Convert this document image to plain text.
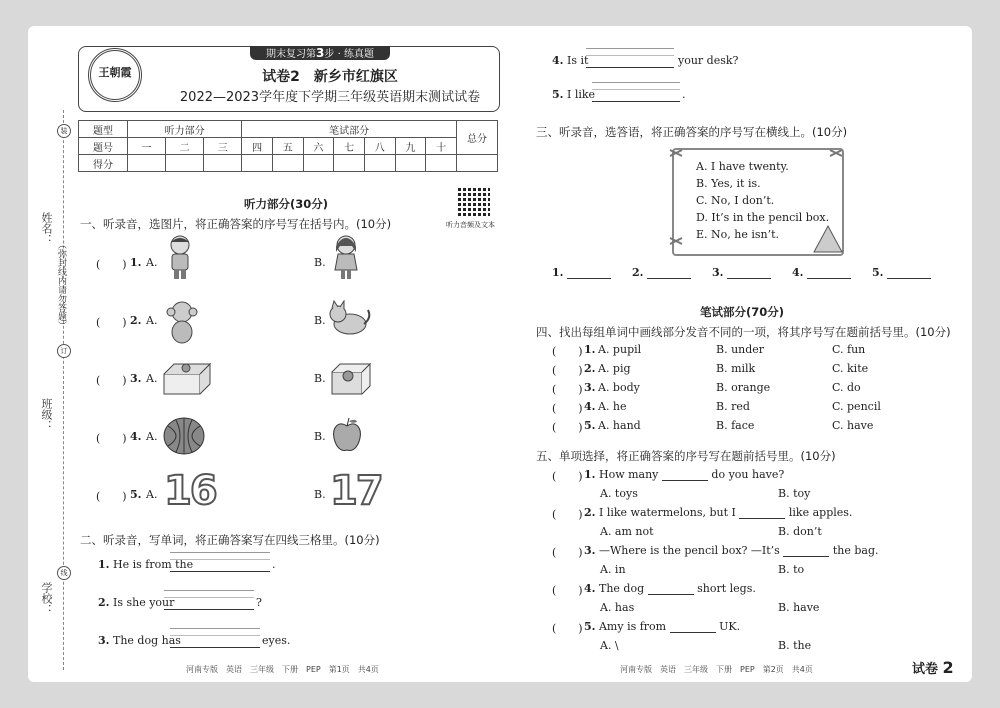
姓名：
班级：
学校：
（弥封线内请勿答题）
装
订
线
期末复习第3步 · 练真题
王朝霞	试卷2　新乡市红旗区
2022—2023学年度下学期三年级英语期末测试试卷
题型	听力部分			笔试部分							总分
题号	一	二	三	四	五	六	七	八	九	十	
得分											
听力音频及文本
听力部分(30分)
一、听录音，选图片，将正确答案的序号写在括号内。(10分)
(　　) 1. A.	B.
(　　) 2. A.	B.
(　　) 3. A.	B.
(　　) 4. A.	B.
(　　) 5. A.	B.
16	17
二、听录音，写单词，将正确答案写在四线三格里。(10分)
1. He is from the	.
2. Is she your	?
3. The dog has	eyes.
河南专版　英语　三年级　下册　PEP　第1页　共4页
4. Is it	your desk?
5. I like	.
三、听录音，选答语，将正确答案的序号写在横线上。(10分)
A. I have twenty.
B. Yes, it is.
C. No, I don’t.
D. It’s in the pencil box.
E. No, he isn’t.
1.	2.	3.	4.	5.
笔试部分(70分)
四、找出每组单词中画线部分发音不同的一项，将其序号写在题前括号里。(10分)
(　　) 1. A. pupil	B. under	C. fun
(　　) 2. A. pig	B. milk	C. kite
(　　) 3. A. body	B. orange	C. do
(　　) 4. A. he	B. red	C. pencil
(　　) 5. A. hand	B. face	C. have
五、单项选择，将正确答案的序号写在题前括号里。(10分)
(　　) 1. How many	do you have?
A. toys	B. toy
(　　) 2. I like watermelons, but I	like apples.
A. am not	B. don’t
(　　) 3. —Where is the pencil box? —It’s	the bag.
A. in	B. to
(　　) 4. The dog	short legs.
A. has	B. have
(　　) 5. Amy is from	UK.
A. \	B. the
河南专版　英语　三年级　下册　PEP　第2页　共4页	试卷 2
